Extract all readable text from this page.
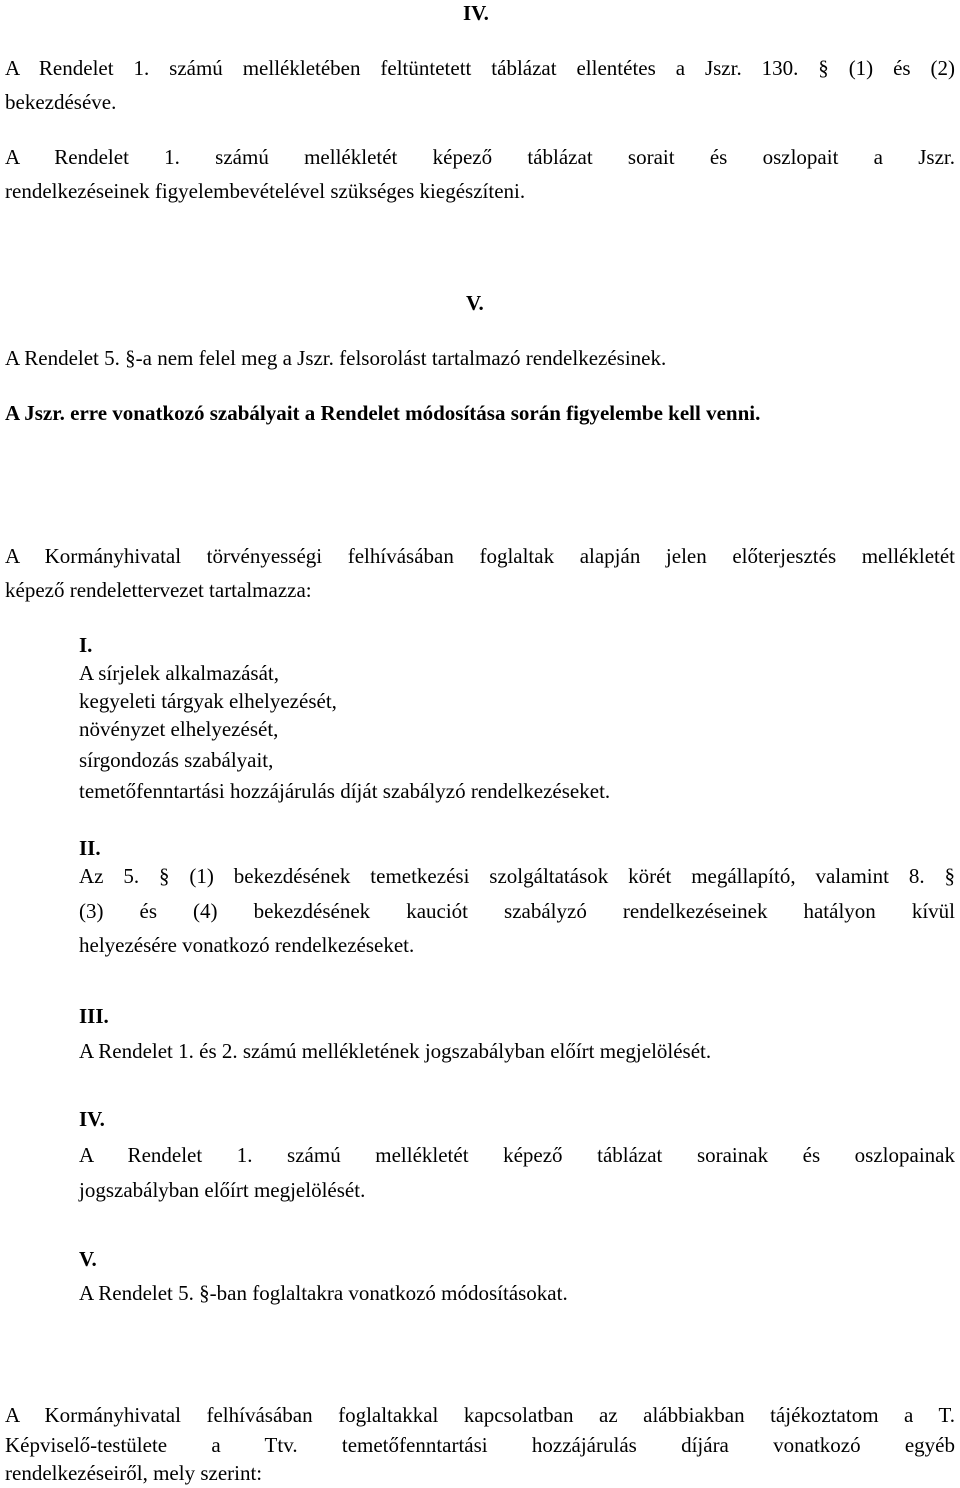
IV.
A Rendelet 1. számú mellékletében feltüntetett táblázat ellentétes a Jszr. 130. § (1) és (2)
bekezdéséve.
A Rendelet 1. számú mellékletét képező táblázat sorait és oszlopait a Jszr.
rendelkezéseinek figyelembevételével szükséges kiegészíteni.
V.
A Rendelet 5. §-a nem felel meg a Jszr. felsorolást tartalmazó rendelkezésinek.
A Jszr. erre vonatkozó szabályait a Rendelet módosítása során figyelembe kell venni.
A Kormányhivatal törvényességi felhívásában foglaltak alapján jelen előterjesztés mellékletét
képező rendelettervezet tartalmazza:
I.
A sírjelek alkalmazását,
kegyeleti tárgyak elhelyezését,
növényzet elhelyezését,
sírgondozás szabályait,
temetőfenntartási hozzájárulás díját szabályzó rendelkezéseket.
II.
Az 5. § (1) bekezdésének temetkezési szolgáltatások körét megállapító, valamint 8. §
(3) és (4) bekezdésének kauciót szabályzó rendelkezéseinek hatályon kívül
helyezésére vonatkozó rendelkezéseket.
III.
A Rendelet 1. és 2. számú mellékletének jogszabályban előírt megjelölését.
IV.
A Rendelet 1. számú mellékletét képező táblázat sorainak és oszlopainak
jogszabályban előírt megjelölését.
V.
A Rendelet 5. §-ban foglaltakra vonatkozó módosításokat.
A Kormányhivatal felhívásában foglaltakkal kapcsolatban az alábbiakban tájékoztatom a T.
Képviselő-testülete a Ttv. temetőfenntartási hozzájárulás díjára vonatkozó egyéb
rendelkezéseiről, mely szerint:
